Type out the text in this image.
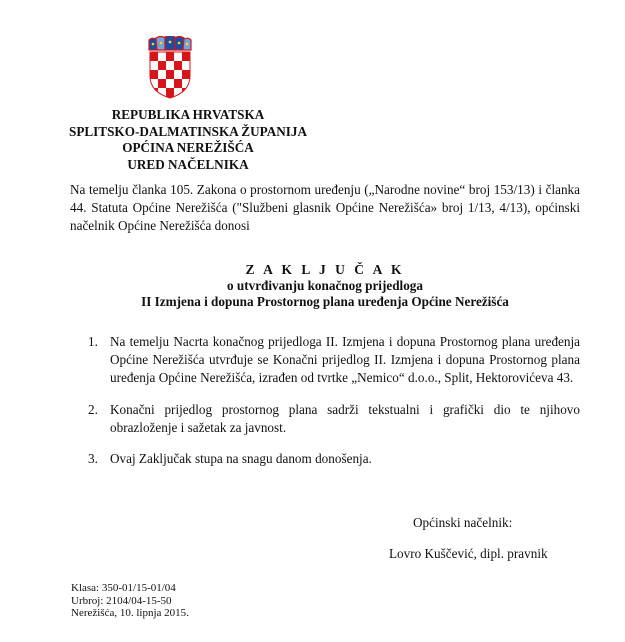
REPUBLIKA HRVATSKA
SPLITSKO-DALMATINSKA ŽUPANIJA
OPĆINA NEREŽIŠĆA
URED NAČELNIKA
Na temelju članka 105. Zakona o prostornom uređenju („Narodne novine“ broj 153/13) i članka 44. Statuta Općine Nerežišća ("Službeni glasnik Općine Nerežišća» broj 1/13, 4/13), općinski načelnik Općine Nerežišća donosi
Z A K L J U Č A K
o utvrđivanju konačnog prijedloga
II Izmjena i dopuna Prostornog plana uređenja Općine Nerežišća
1. Na temelju Nacrta konačnog prijedloga II. Izmjena i dopuna Prostornog plana uređenja Općine Nerežišća utvrđuje se Konačni prijedlog II. Izmjena i dopuna Prostornog plana uređenja Općine Nerežišća, izrađen od tvrtke „Nemico“ d.o.o., Split, Hektorovićeva 43.
2. Konačni prijedlog prostornog plana sadrži tekstualni i grafički dio te njihovo obrazloženje i sažetak za javnost.
3. Ovaj Zaključak stupa na snagu danom donošenja.
Općinski načelnik:
Lovro Kuščević, dipl. pravnik
Klasa: 350-01/15-01/04
Urbroj: 2104/04-15-50
Nerežišća, 10. lipnja 2015.
